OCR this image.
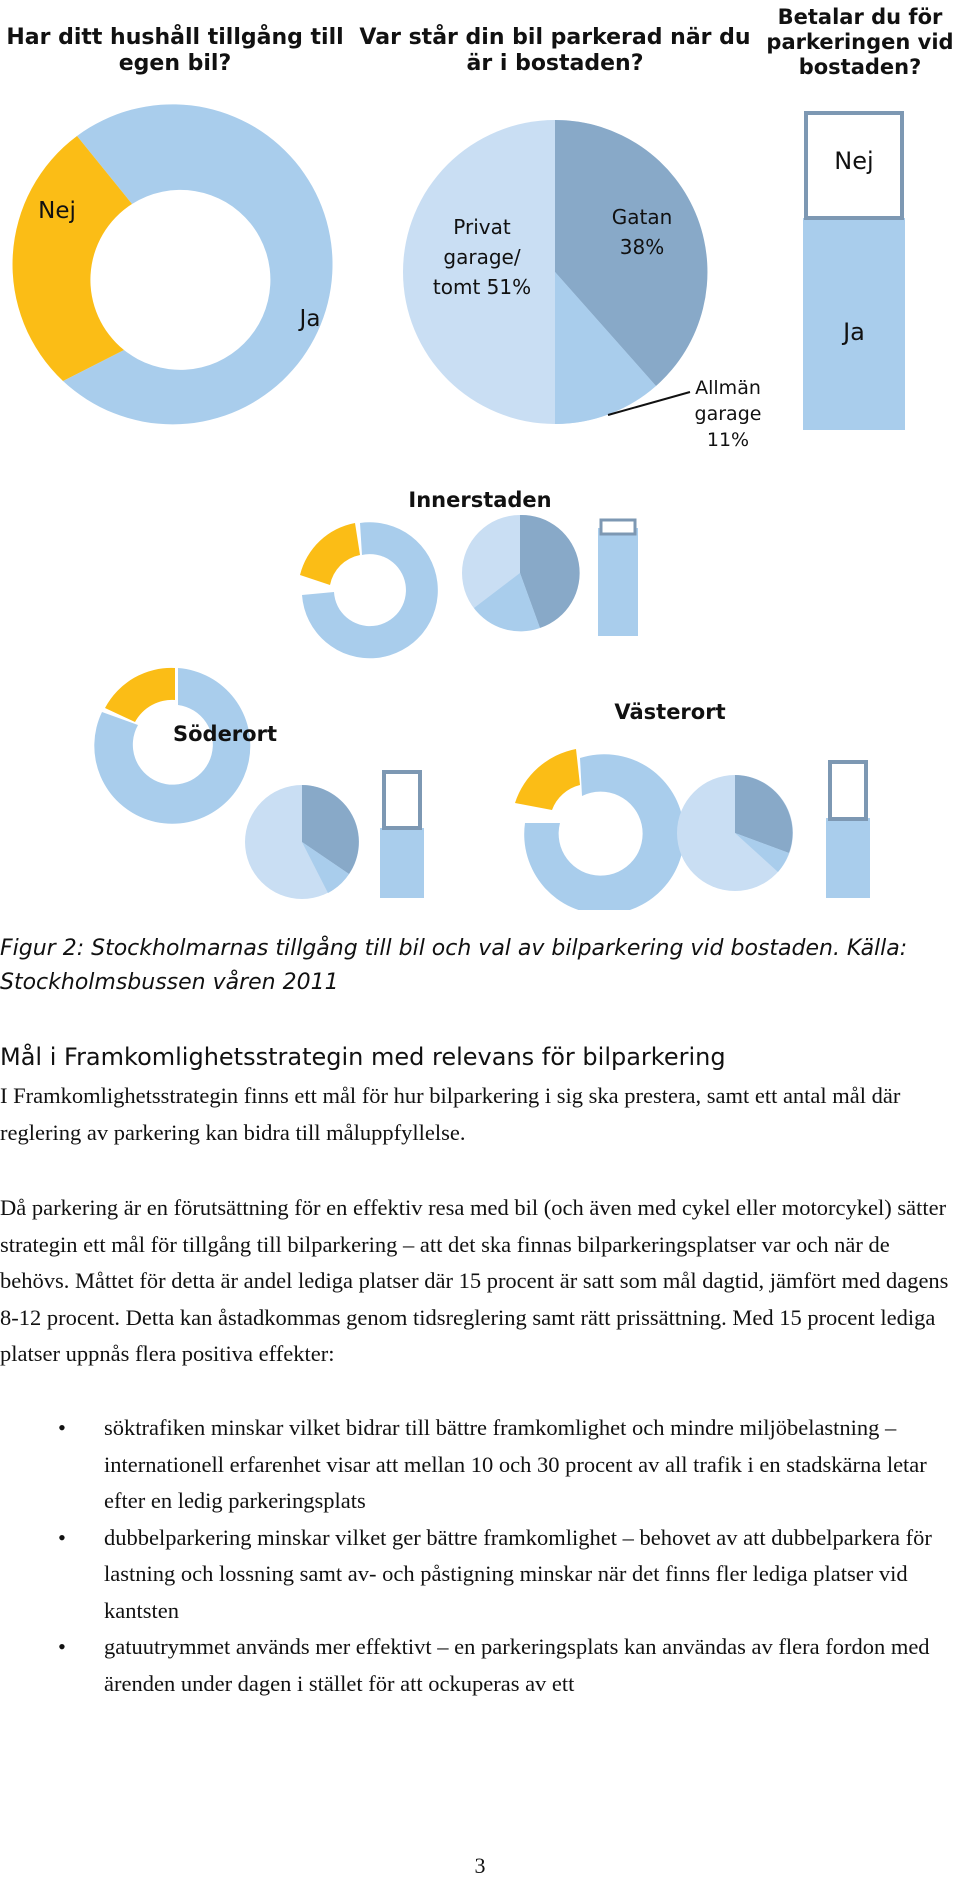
Har ditt hushåll tillgång till egen bil?
Var står din bil parkerad när du är i bostaden?
Betalar du för parkeringen vid bostaden?
Nej
Ja
Privat garage/ tomt 51%
Gatan 38%
Allmän garage 11%
Nej
Ja
Innerstaden
Söderort
Västerort
Figur 2: Stockholmarnas tillgång till bil och val av bilparkering vid bostaden. Källa: Stockholmsbussen våren 2011
Mål i Framkomlighetsstrategin med relevans för bilparkering
I Framkomlighetsstrategin finns ett mål för hur bilparkering i sig ska prestera, samt ett antal mål där reglering av parkering kan bidra till måluppfyllelse.
Då parkering är en förutsättning för en effektiv resa med bil (och även med cykel eller motorcykel) sätter strategin ett mål för tillgång till bilparkering – att det ska finnas bilparkeringsplatser var och när de behövs. Måttet för detta är andel lediga platser där 15 procent är satt som mål dagtid, jämfört med dagens 8-12 procent. Detta kan åstadkommas genom tidsreglering samt rätt prissättning. Med 15 procent lediga platser uppnås flera positiva effekter:
• söktrafiken minskar vilket bidrar till bättre framkomlighet och mindre miljöbelastning – internationell erfarenhet visar att mellan 10 och 30 procent av all trafik i en stadskärna letar efter en ledig parkeringsplats
• dubbelparkering minskar vilket ger bättre framkomlighet – behovet av att dubbelparkera för lastning och lossning samt av- och påstigning minskar när det finns fler lediga platser vid kantsten
• gatuutrymmet används mer effektivt – en parkeringsplats kan användas av flera fordon med ärenden under dagen i stället för att ockuperas av ett
3
